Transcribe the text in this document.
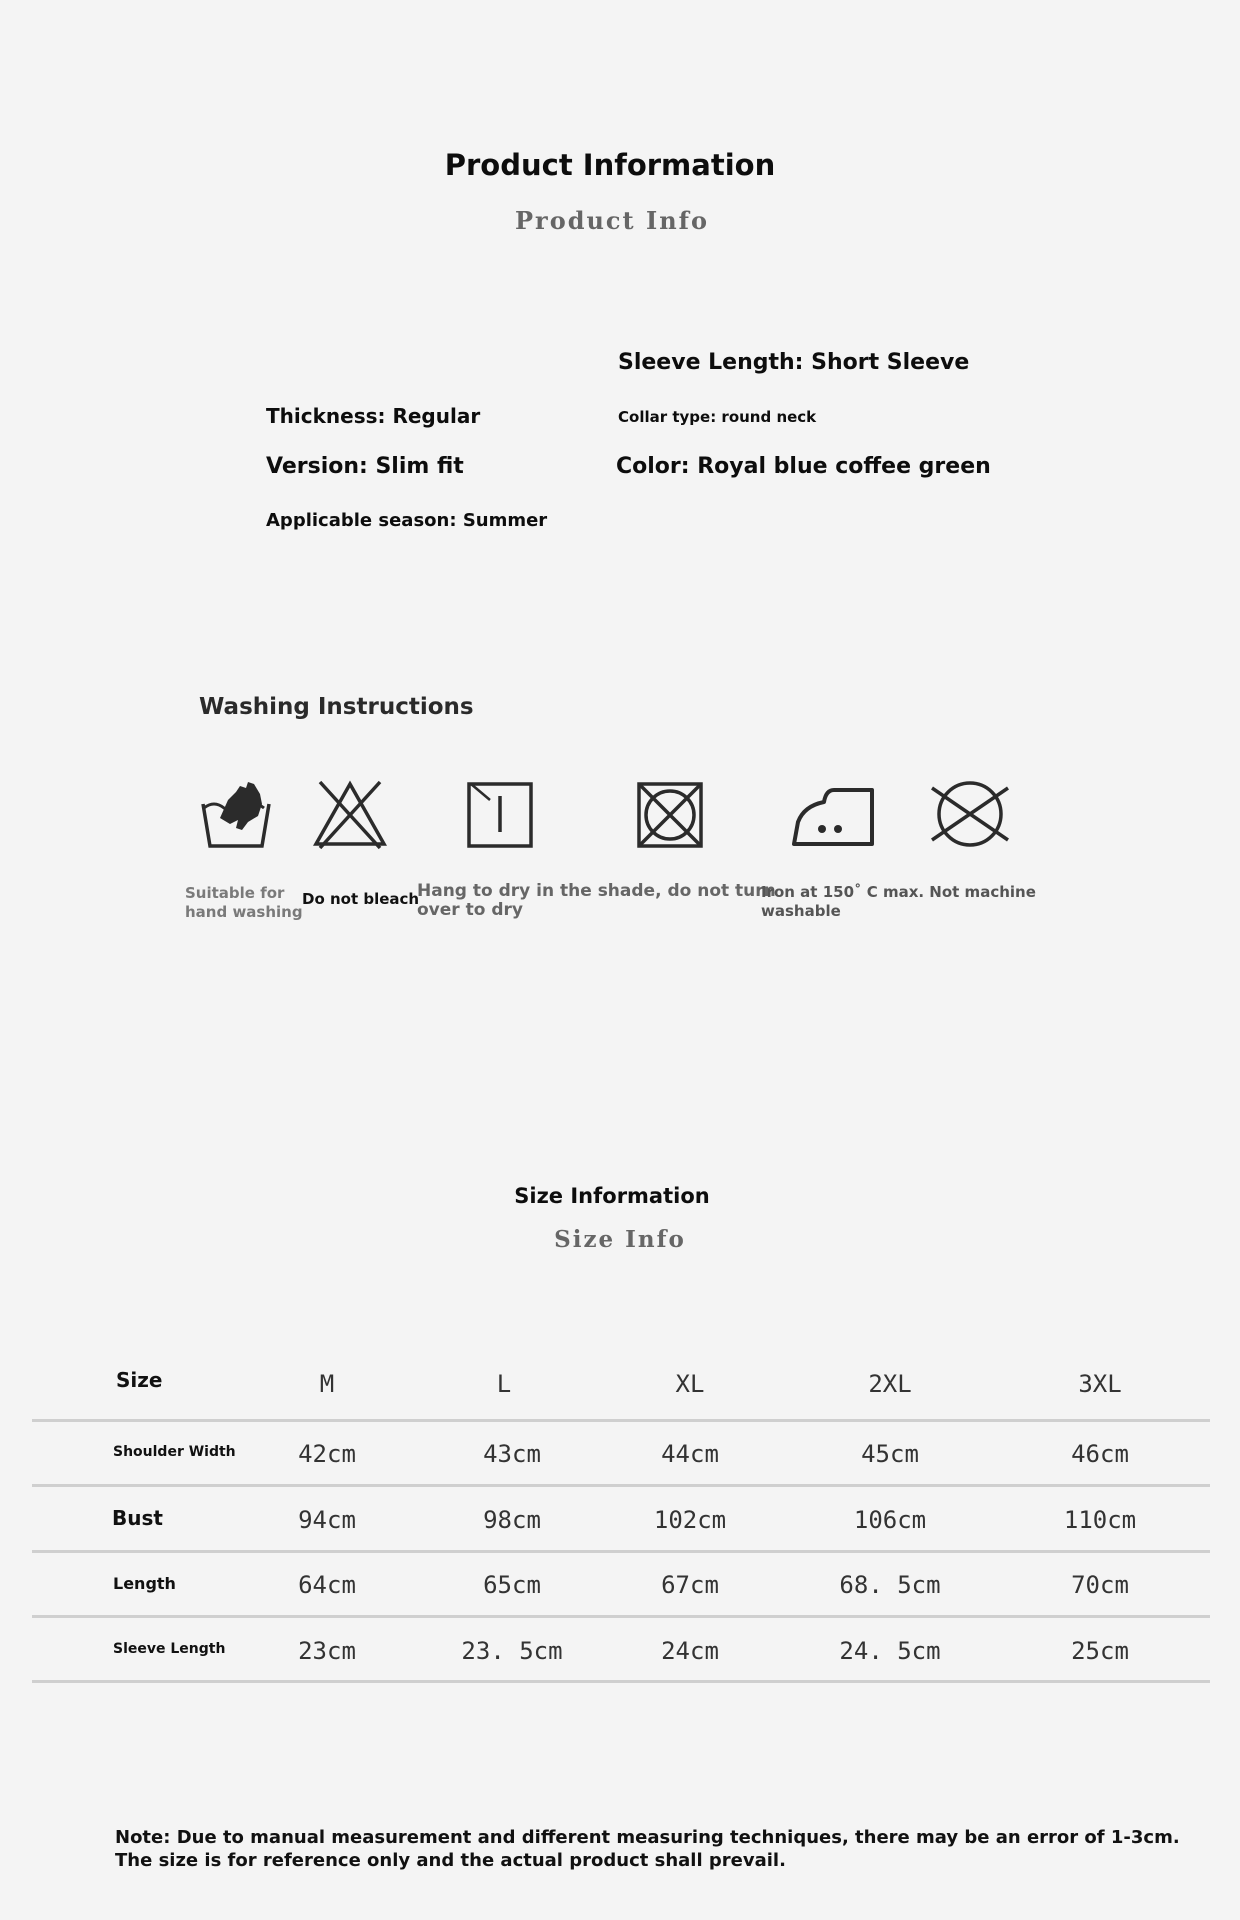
Product Information
Product Info
Sleeve Length: Short Sleeve
Thickness: Regular	Collar type: round neck
Version: Slim fit	Color: Royal blue coffee green
Applicable season: Summer
Washing Instructions
Suitable for
hand washing
Do not bleach
Hang to dry in the shade, do not turn
over to dry
Iron at 150˚ C max. Not machine
washable
Size Information
Size Info
Size	M	L	XL	2XL	3XL
Shoulder Width	42cm	43cm	44cm	45cm	46cm
Bust	94cm	98cm	102cm	106cm	110cm
Length	64cm	65cm	67cm	68. 5cm	70cm
Sleeve Length	23cm	23. 5cm	24cm	24. 5cm	25cm
Note: Due to manual measurement and different measuring techniques, there may be an error of 1-3cm. The size is for reference only and the actual product shall prevail.
